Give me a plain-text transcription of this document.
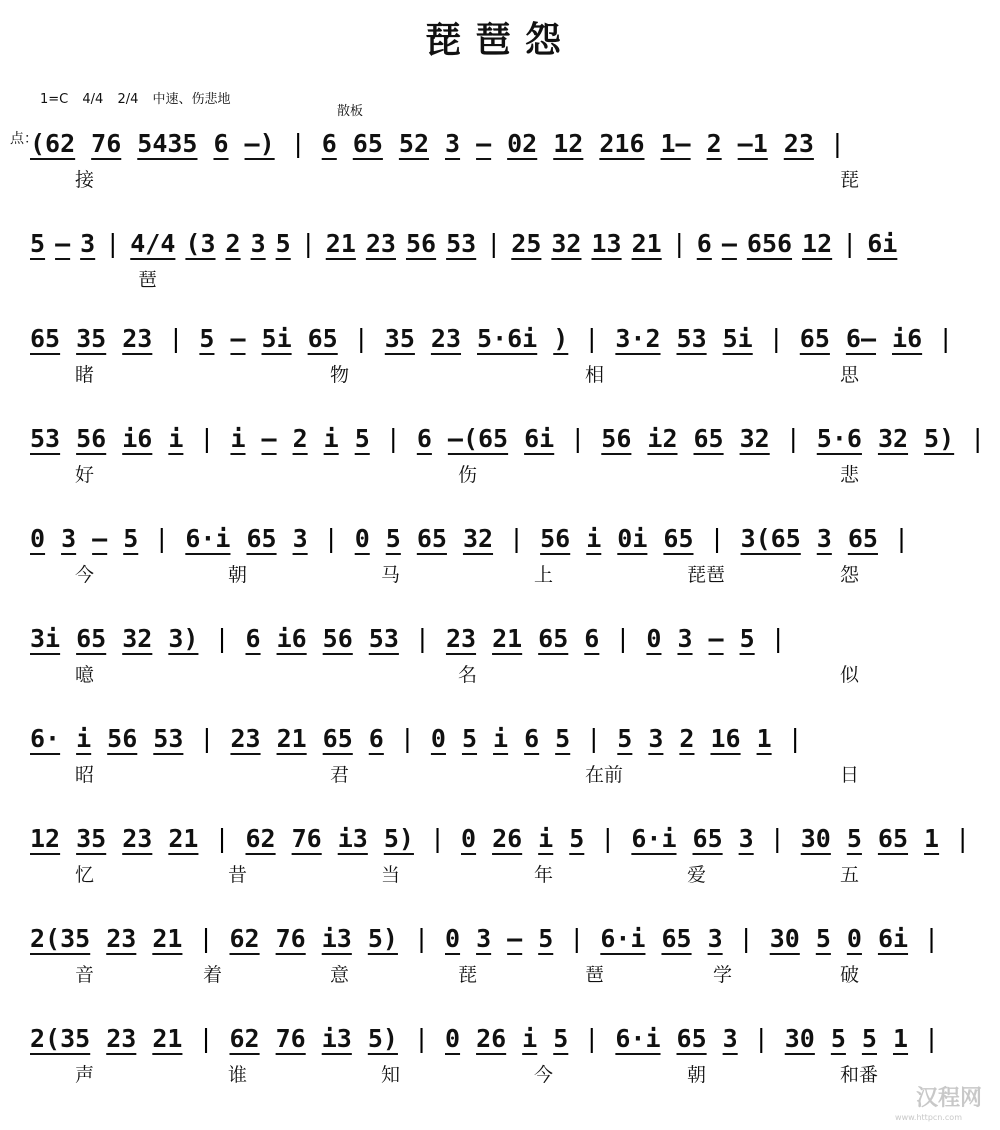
琵琶怨
1=C 4/4 2/4 中速、伤悲地
散板
点：
(62 76 5435 6 —) | 6 65 52 3 — 02 12 216 1— 2 —1 23 |
接	琵
5 — 3 | 4/4 (3 2 3 5 | 21 23 56 53 | 25 32 13 21 | 6 — 656 12 | 6i
琶
65 35 23 | 5 — 5i 65 | 35 23 5·6i ) | 3·2 53 5i | 65 6— i6 |
睹	物	相	思
53 56 i6 i | i — 2 i 5 | 6 —(65 6i | 56 i2 65 32 | 5·6 32 5) |
好	伤	悲
0 3 — 5 | 6·i 65 3 | 0 5 65 32 | 56 i 0i 65 | 3(65 3 65 |
今	朝	马	上	琵琶	怨
3i 65 32 3) | 6 i6 56 53 | 23 21 65 6 | 0 3 — 5 |
噫	名	似
6· i 56 53 | 23 21 65 6 | 0 5 i 6 5 | 5 3 2 16 1 |
昭	君	在前	日
12 35 23 21 | 62 76 i3 5) | 0 26 i 5 | 6·i 65 3 | 30 5 65 1 |
忆	昔	当	年	爱	五
2(35 23 21 | 62 76 i3 5) | 0 3 — 5 | 6·i 65 3 | 30 5 0 6i |
音	着	意	琵	琶	学	破
2(35 23 21 | 62 76 i3 5) | 0 26 i 5 | 6·i 65 3 | 30 5 5 1 |
声	谁	知	今	朝	和番
汉程网
www.httpcn.com
